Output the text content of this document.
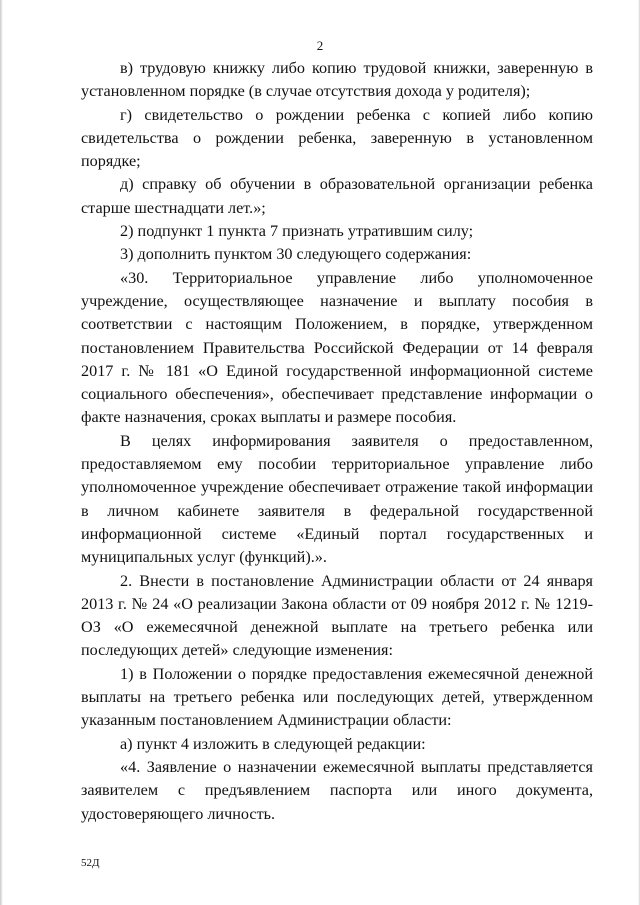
2

в) трудовую книжку либо копию трудовой книжки, заверенную в установленном порядке (в случае отсутствия дохода у родителя);

г) свидетельство о рождении ребенка с копией либо копию свидетельства о рождении ребенка, заверенную в установленном порядке;

д) справку об обучении в образовательной организации ребенка старше шестнадцати лет.»;

2) подпункт 1 пункта 7 признать утратившим силу;

3) дополнить пунктом 30 следующего содержания:

«30. Территориальное управление либо уполномоченное учреждение, осуществляющее назначение и выплату пособия в соответствии с настоящим Положением, в порядке, утвержденном постановлением Правительства Российской Федерации от 14 февраля 2017 г. № 181 «О Единой государственной информационной системе социального обеспечения», обеспечивает представление информации о факте назначения, сроках выплаты и размере пособия.

В целях информирования заявителя о предоставленном, предоставляемом ему пособии территориальное управление либо уполномоченное учреждение обеспечивает отражение такой информации в личном кабинете заявителя в федеральной государственной информационной системе «Единый портал государственных и муниципальных услуг (функций).».

2. Внести в постановление Администрации области от 24 января 2013 г. № 24 «О реализации Закона области от 09 ноября 2012 г. № 1219-ОЗ «О ежемесячной денежной выплате на третьего ребенка или последующих детей» следующие изменения:

1) в Положении о порядке предоставления ежемесячной денежной выплаты на третьего ребенка или последующих детей, утвержденном указанным постановлением Администрации области:

а) пункт 4 изложить в следующей редакции:

«4. Заявление о назначении ежемесячной выплаты представляется заявителем с предъявлением паспорта или иного документа, удостоверяющего личность.

52Д
